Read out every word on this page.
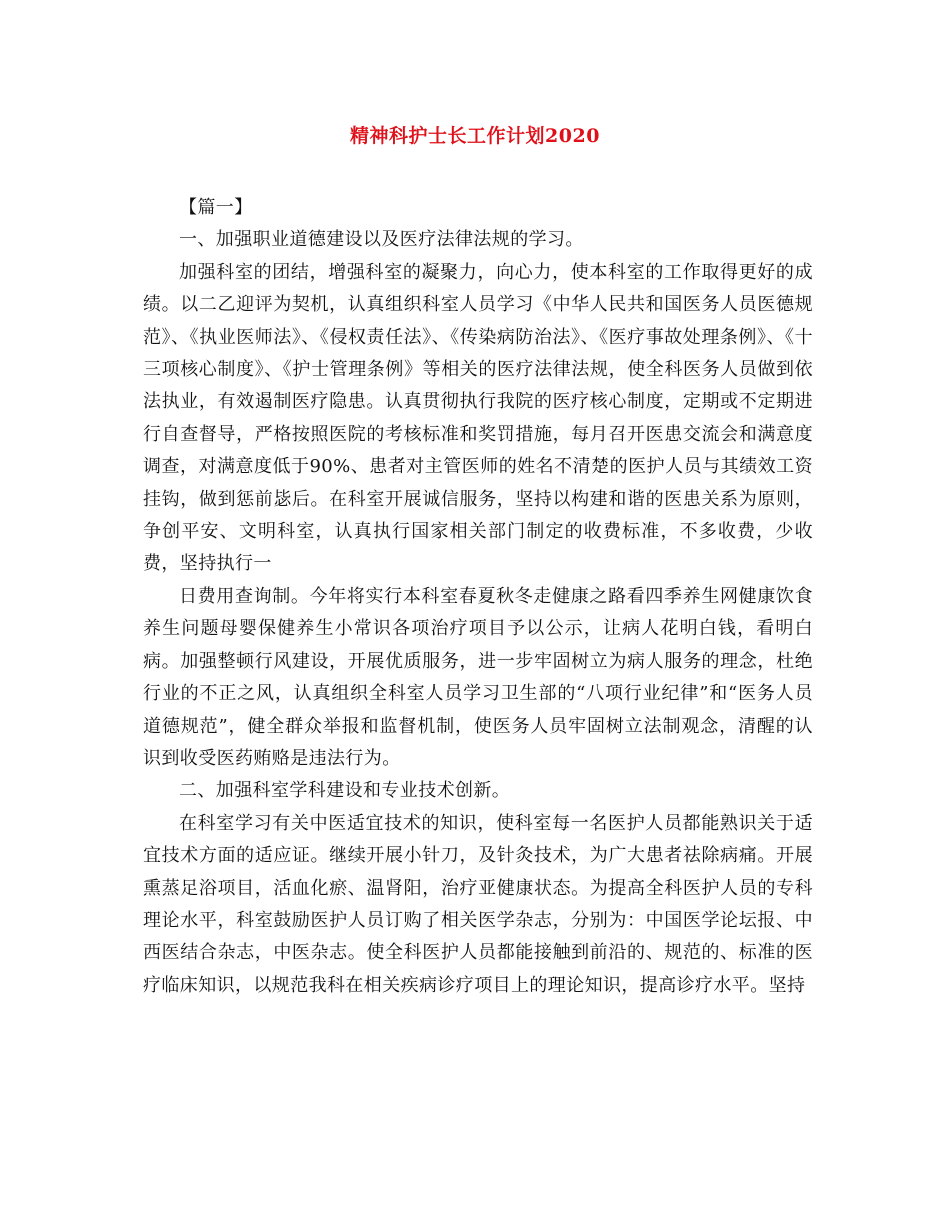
精神科护士长工作计划2020

【篇一】

一、加强职业道德建设以及医疗法律法规的学习。

加强科室的团结，增强科室的凝聚力，向心力，使本科室的工作取得更好的成绩。以二乙迎评为契机，认真组织科室人员学习《中华人民共和国医务人员医德规范》、《执业医师法》、《侵权责任法》、《传染病防治法》、《医疗事故处理条例》、《十三项核心制度》、《护士管理条例》等相关的医疗法律法规，使全科医务人员做到依法执业，有效遏制医疗隐患。认真贯彻执行我院的医疗核心制度，定期或不定期进行自查督导，严格按照医院的考核标准和奖罚措施，每月召开医患交流会和满意度调查，对满意度低于90%、患者对主管医师的姓名不清楚的医护人员与其绩效工资挂钩，做到惩前毖后。在科室开展诚信服务，坚持以构建和谐的医患关系为原则，争创平安、文明科室，认真执行国家相关部门制定的收费标准，不多收费，少收费，坚持执行一

日费用查询制。今年将实行本科室春夏秋冬走健康之路看四季养生网健康饮食养生问题母婴保健养生小常识各项治疗项目予以公示，让病人花明白钱，看明白病。加强整顿行风建设，开展优质服务，进一步牢固树立为病人服务的理念，杜绝行业的不正之风，认真组织全科室人员学习卫生部的“八项行业纪律”和“医务人员道德规范”，健全群众举报和监督机制，使医务人员牢固树立法制观念，清醒的认识到收受医药贿赂是违法行为。

二、加强科室学科建设和专业技术创新。

在科室学习有关中医适宜技术的知识，使科室每一名医护人员都能熟识关于适宜技术方面的适应证。继续开展小针刀，及针灸技术，为广大患者祛除病痛。开展熏蒸足浴项目，活血化瘀、温肾阳，治疗亚健康状态。为提高全科医护人员的专科理论水平，科室鼓励医护人员订购了相关医学杂志，分别为：中国医学论坛报、中西医结合杂志，中医杂志。使全科医护人员都能接触到前沿的、规范的、标准的医疗临床知识，以规范我科在相关疾病诊疗项目上的理论知识，提高诊疗水平。坚持
